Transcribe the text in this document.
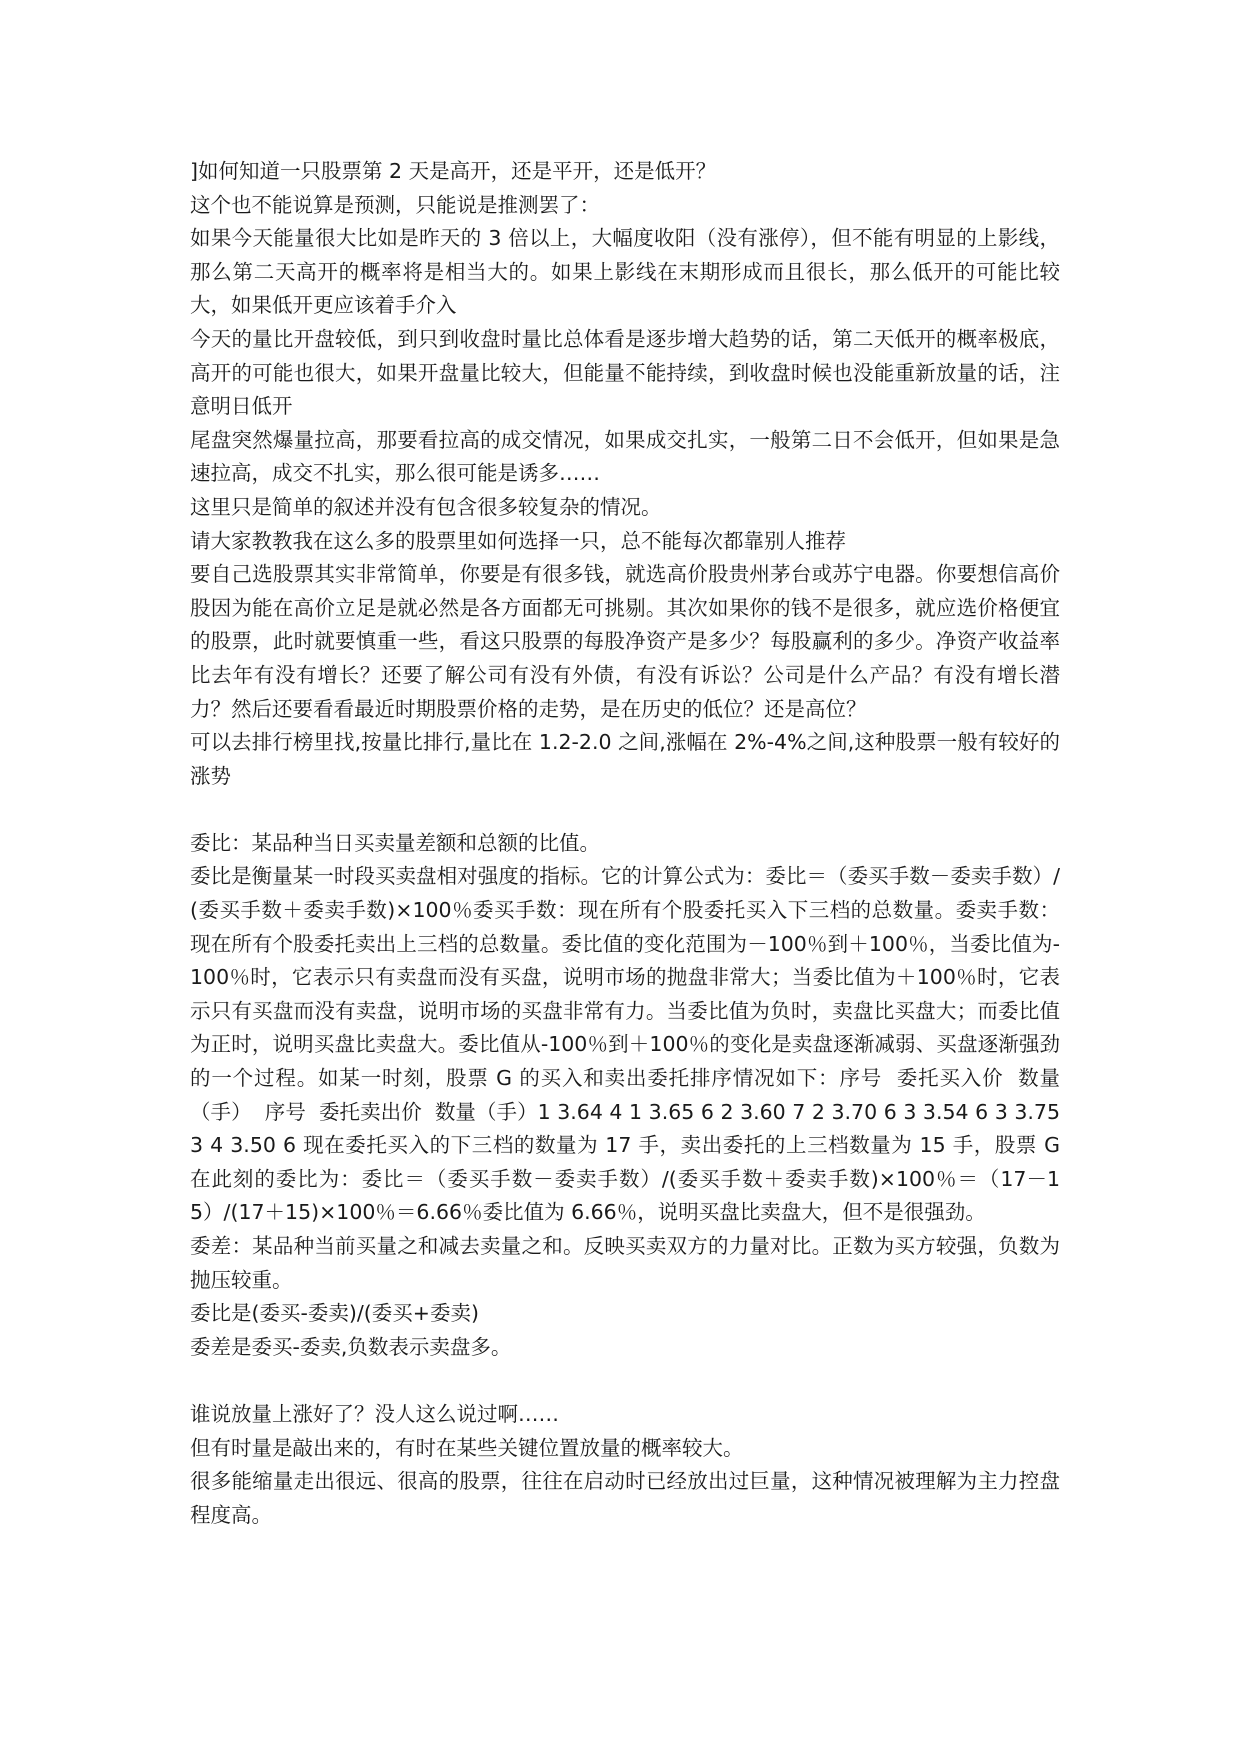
]如何知道一只股票第 2 天是高开，还是平开，还是低开？

这个也不能说算是预测，只能说是推测罢了：

如果今天能量很大比如是昨天的 3 倍以上，大幅度收阳（没有涨停），但不能有明显的上影线，那么第二天高开的概率将是相当大的。如果上影线在末期形成而且很长，那么低开的可能比较大，如果低开更应该着手介入

今天的量比开盘较低，到只到收盘时量比总体看是逐步增大趋势的话，第二天低开的概率极底，高开的可能也很大，如果开盘量比较大，但能量不能持续，到收盘时候也没能重新放量的话，注意明日低开

尾盘突然爆量拉高，那要看拉高的成交情况，如果成交扎实，一般第二日不会低开，但如果是急速拉高，成交不扎实，那么很可能是诱多……

这里只是简单的叙述并没有包含很多较复杂的情况。

请大家教教我在这么多的股票里如何选择一只，总不能每次都靠别人推荐

要自己选股票其实非常简单，你要是有很多钱，就选高价股贵州茅台或苏宁电器。你要想信高价股因为能在高价立足是就必然是各方面都无可挑剔。其次如果你的钱不是很多，就应选价格便宜的股票，此时就要慎重一些，看这只股票的每股净资产是多少？每股赢利的多少。净资产收益率比去年有没有增长？还要了解公司有没有外债，有没有诉讼？公司是什么产品？有没有增长潜力？然后还要看看最近时期股票价格的走势，是在历史的低位？还是高位？

可以去排行榜里找,按量比排行,量比在 1.2-2.0 之间,涨幅在 2%-4%之间,这种股票一般有较好的涨势

委比：某品种当日买卖量差额和总额的比值。

委比是衡量某一时段买卖盘相对强度的指标。它的计算公式为：委比＝（委买手数－委卖手数）/(委买手数＋委卖手数)×100％委买手数：现在所有个股委托买入下三档的总数量。委卖手数：现在所有个股委托卖出上三档的总数量。委比值的变化范围为－100％到＋100％，当委比值为-100％时，它表示只有卖盘而没有买盘，说明市场的抛盘非常大；当委比值为＋100％时，它表示只有买盘而没有卖盘，说明市场的买盘非常有力。当委比值为负时，卖盘比买盘大；而委比值为正时，说明买盘比卖盘大。委比值从-100％到＋100％的变化是卖盘逐渐减弱、买盘逐渐强劲的一个过程。如某一时刻，股票 G 的买入和卖出委托排序情况如下：序号  委托买入价  数量（手）  序号  委托卖出价  数量（手）1 3.64 4 1 3.65 6 2 3.60 7 2 3.70 6 3 3.54 6 3 3.75 3 4 3.50 6 现在委托买入的下三档的数量为 17 手，卖出委托的上三档数量为 15 手，股票 G 在此刻的委比为：委比＝（委买手数－委卖手数）/(委买手数＋委卖手数)×100％＝（17－15）/(17＋15)×100％＝6.66％委比值为 6.66％，说明买盘比卖盘大，但不是很强劲。

委差：某品种当前买量之和减去卖量之和。反映买卖双方的力量对比。正数为买方较强，负数为抛压较重。

委比是(委买-委卖)/(委买+委卖)

委差是委买-委卖,负数表示卖盘多。

谁说放量上涨好了？没人这么说过啊……

但有时量是敲出来的，有时在某些关键位置放量的概率较大。

很多能缩量走出很远、很高的股票，往往在启动时已经放出过巨量，这种情况被理解为主力控盘程度高。
